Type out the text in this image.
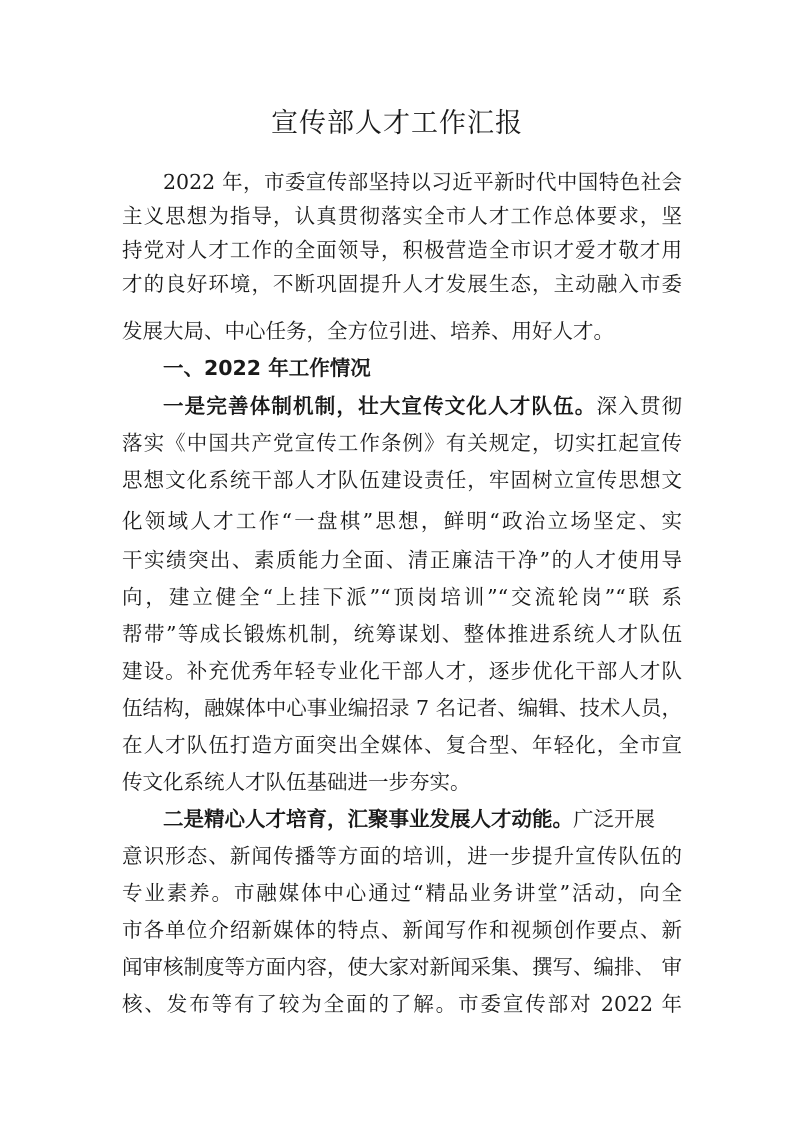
宣传部人才工作汇报
2022 年，市委宣传部坚持以习近平新时代中国特色社会
主义思想为指导，认真贯彻落实全市人才工作总体要求，坚
持党对人才工作的全面领导，积极营造全市识才爱才敬才用
才的良好环境，不断巩固提升人才发展生态，主动融入市委
发展大局、中心任务，全方位引进、培养、用好人才。
一、2022 年工作情况
一是完善体制机制，壮大宣传文化人才队伍。深入贯彻
落实《中国共产党宣传工作条例》有关规定，切实扛起宣传
思想文化系统干部人才队伍建设责任，牢固树立宣传思想文
化领域人才工作“一盘棋”思想，鲜明“政治立场坚定、实
干实绩突出、素质能力全面、清正廉洁干净”的人才使用导
向，建立健全“上挂下派”“顶岗培训”“交流轮岗”“联 系
帮带”等成长锻炼机制，统筹谋划、整体推进系统人才队伍
建设。补充优秀年轻专业化干部人才，逐步优化干部人才队
伍结构，融媒体中心事业编招录 7 名记者、编辑、技术人员，
在人才队伍打造方面突出全媒体、复合型、年轻化，全市宣
传文化系统人才队伍基础进一步夯实。
二是精心人才培育，汇聚事业发展人才动能。广泛开展
意识形态、新闻传播等方面的培训，进一步提升宣传队伍的
专业素养。市融媒体中心通过“精品业务讲堂”活动，向全
市各单位介绍新媒体的特点、新闻写作和视频创作要点、新
闻审核制度等方面内容，使大家对新闻采集、撰写、编排、 审
核、发布等有了较为全面的了解。市委宣传部对 2022 年
